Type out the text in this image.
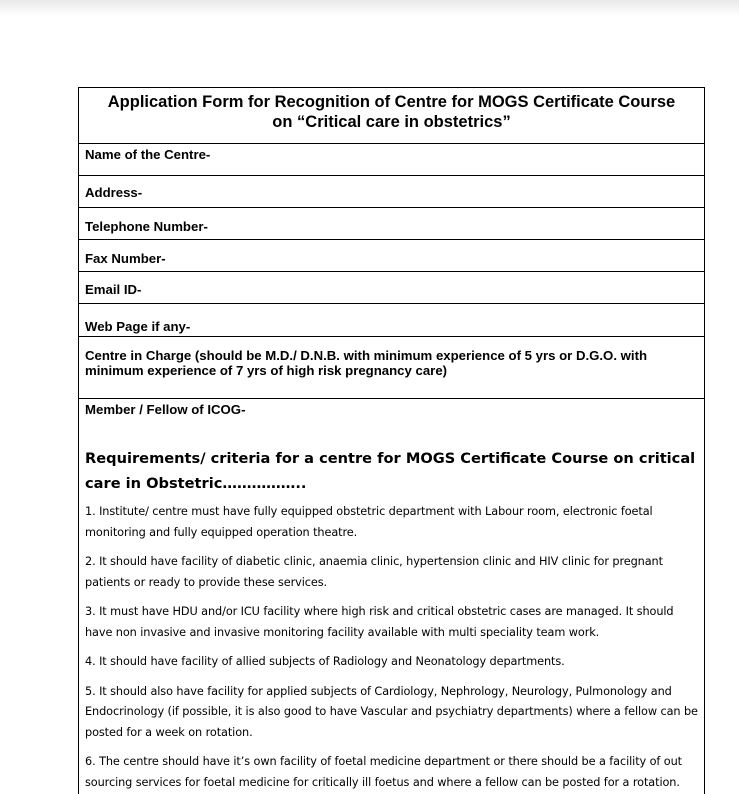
Application Form for Recognition of Centre for MOGS Certificate Course
on “Critical care in obstetrics”
Name of the Centre-
Address-
Telephone Number-
Fax Number-
Email ID-
Web Page if any-
Centre in Charge (should be M.D./ D.N.B. with minimum experience of 5 yrs or D.G.O. with minimum experience of 7 yrs of high risk pregnancy care)
Member / Fellow of ICOG-
Requirements/ criteria for a centre for MOGS Certificate Course on critical care in Obstetric……………..
1. Institute/ centre must have fully equipped obstetric department with Labour room, electronic foetal monitoring and fully equipped operation theatre.
2. It should have facility of diabetic clinic, anaemia clinic, hypertension clinic and HIV clinic for pregnant patients or ready to provide these services.
3. It must have HDU and/or ICU facility where high risk and critical obstetric cases are managed. It should have non invasive and invasive monitoring facility available with multi speciality team work.
4. It should have facility of allied subjects of Radiology and Neonatology departments.
5. It should also have facility for applied subjects of Cardiology, Nephrology, Neurology, Pulmonology and Endocrinology (if possible, it is also good to have Vascular and psychiatry departments) where a fellow can be posted for a week on rotation.
6. The centre should have it’s own facility of foetal medicine department or there should be a facility of out sourcing services for foetal medicine for critically ill foetus and where a fellow can be posted for a rotation.
